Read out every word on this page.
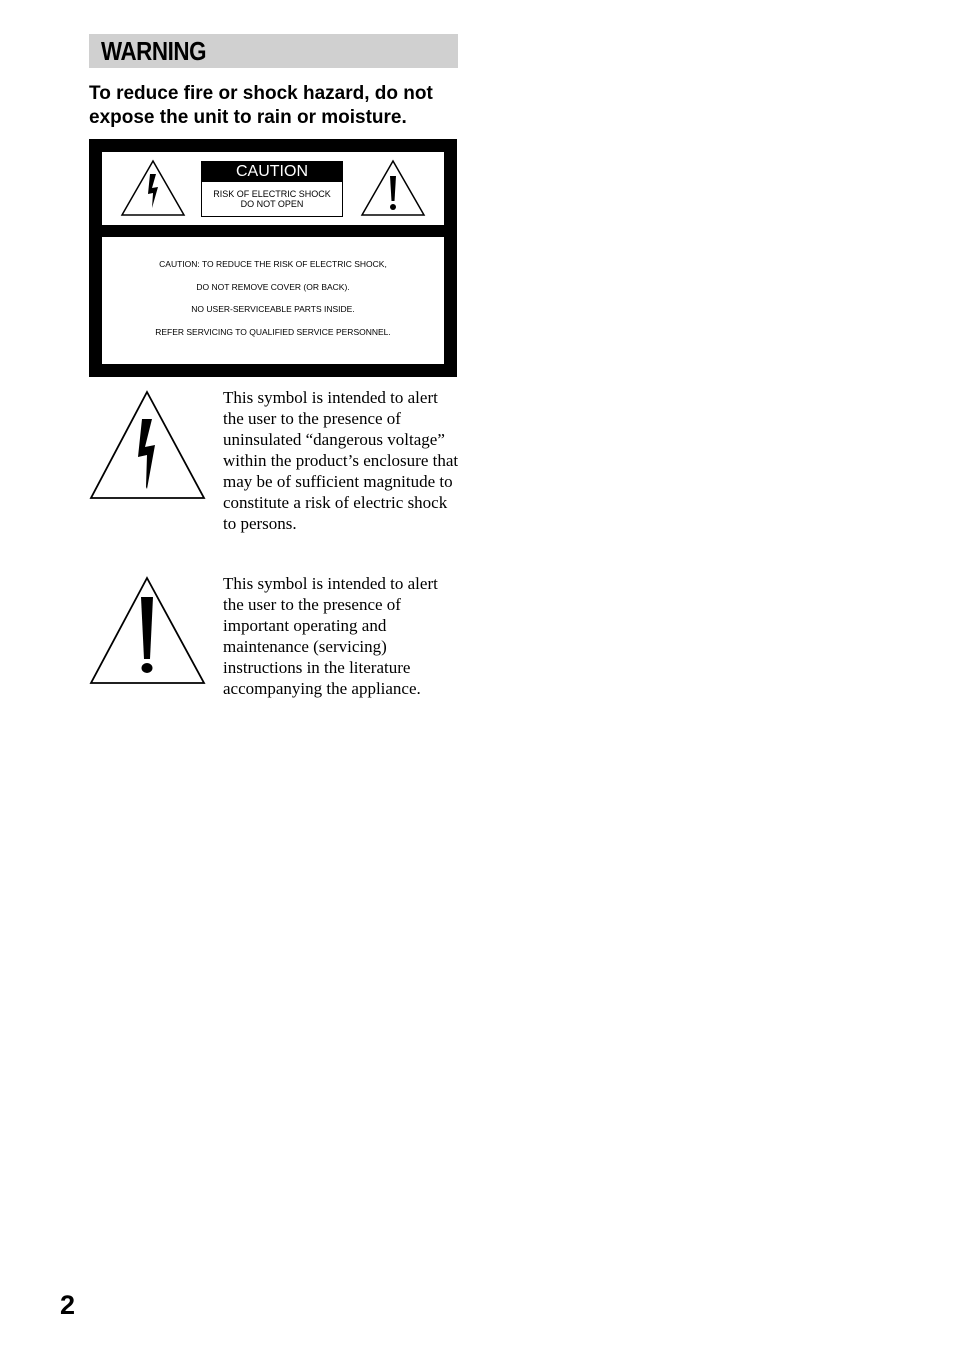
WARNING

To reduce fire or shock hazard, do not expose the unit to rain or moisture.

CAUTION
RISK OF ELECTRIC SHOCK
DO NOT OPEN
CAUTION: TO REDUCE THE RISK OF ELECTRIC SHOCK,
DO NOT REMOVE COVER (OR BACK).
NO USER-SERVICEABLE PARTS INSIDE.
REFER SERVICING TO QUALIFIED SERVICE PERSONNEL.

This symbol is intended to alert the user to the presence of uninsulated “dangerous voltage” within the product’s enclosure that may be of sufficient magnitude to constitute a risk of electric shock to persons.

This symbol is intended to alert the user to the presence of important operating and maintenance (servicing) instructions in the literature accompanying the appliance.

2
